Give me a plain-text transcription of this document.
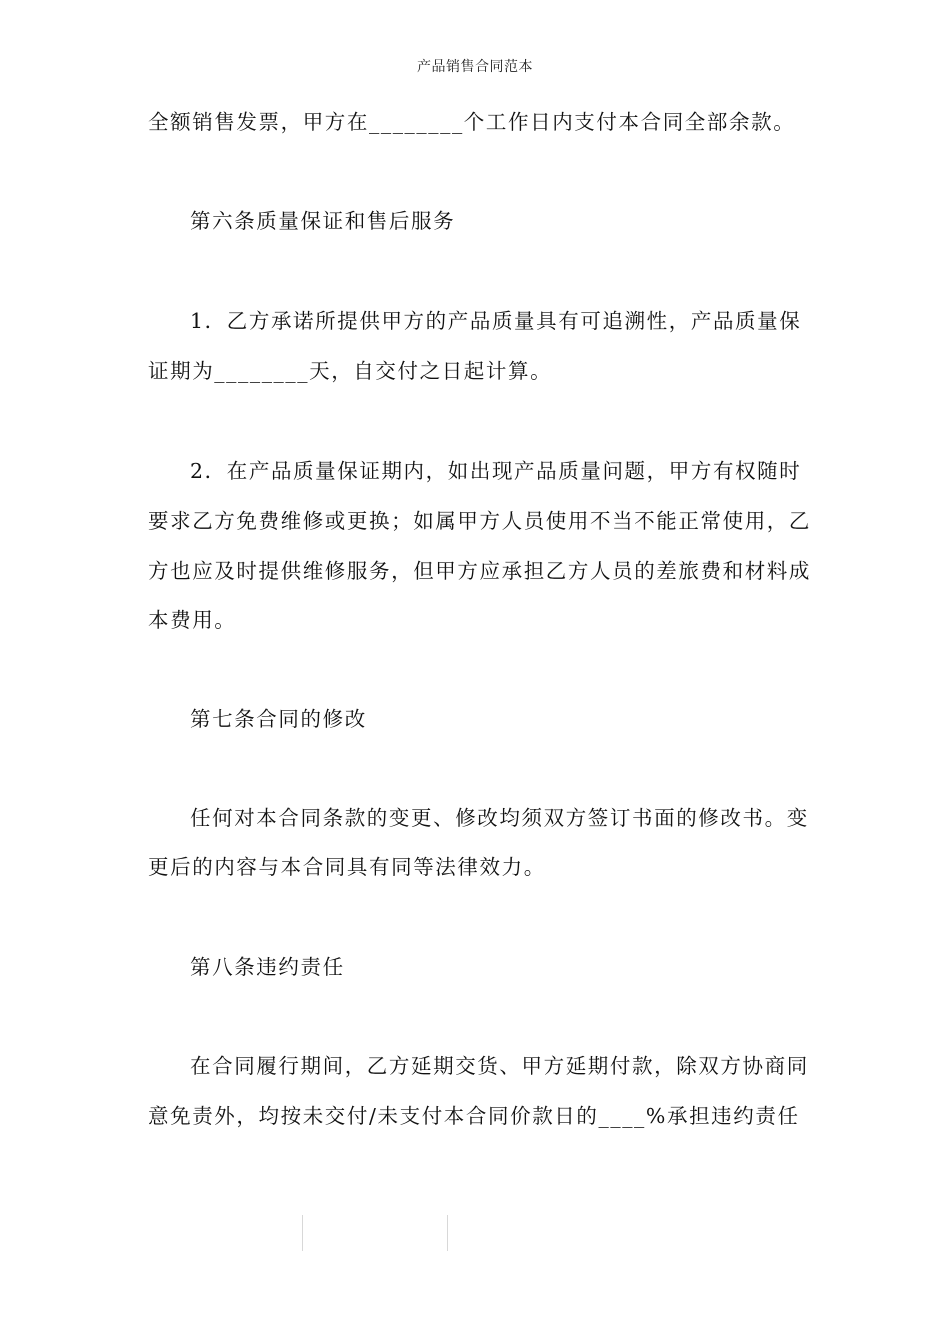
产品销售合同范本
全额销售发票，甲方在________个工作日内支付本合同全部余款。
第六条质量保证和售后服务
1．乙方承诺所提供甲方的产品质量具有可追溯性，产品质量保
证期为________天，自交付之日起计算。
2．在产品质量保证期内，如出现产品质量问题，甲方有权随时
要求乙方免费维修或更换；如属甲方人员使用不当不能正常使用，乙
方也应及时提供维修服务，但甲方应承担乙方人员的差旅费和材料成
本费用。
第七条合同的修改
任何对本合同条款的变更、修改均须双方签订书面的修改书。变
更后的内容与本合同具有同等法律效力。
第八条违约责任
在合同履行期间，乙方延期交货、甲方延期付款，除双方协商同
意免责外，均按未交付/未支付本合同价款日的____%承担违约责任
